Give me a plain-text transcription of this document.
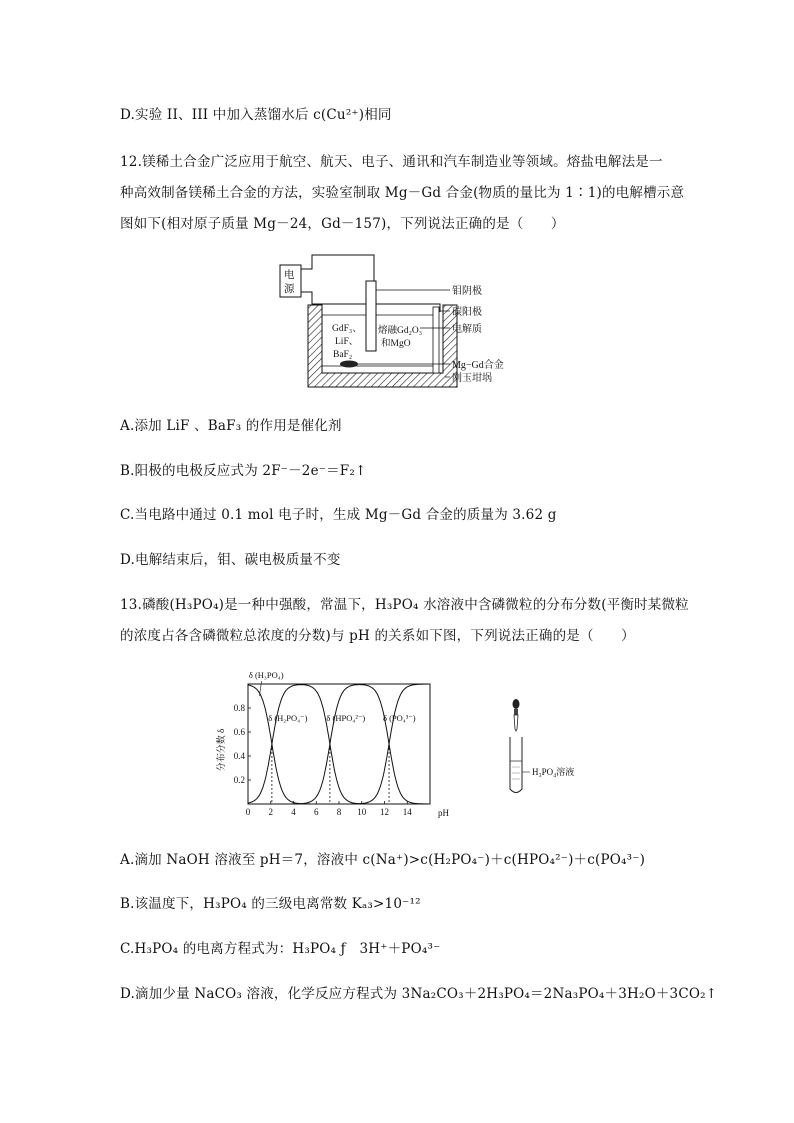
D.实验 II、III 中加入蒸馏水后 c(Cu²⁺)相同
12.镁稀土合金广泛应用于航空、航天、电子、通讯和汽车制造业等领域。熔盐电解法是一
种高效制备镁稀土合金的方法，实验室制取 Mg－Gd 合金(物质的量比为 1∶1)的电解槽示意
图如下(相对原子质量 Mg－24，Gd－157)，下列说法正确的是（　　）
电
源
GdF₃、
LiF、
BaF₂
熔融Gd₂O₃
和MgO
钼阴极
碳阳极
电解质
Mg−Gd合金
刚玉坩埚
A.添加 LiF 、BaF₃ 的作用是催化剂
B.阳极的电极反应式为 2F⁻－2e⁻＝F₂↑
C.当电路中通过 0.1 mol 电子时，生成 Mg－Gd 合金的质量为 3.62 g
D.电解结束后，钼、碳电极质量不变
13.磷酸(H₃PO₄)是一种中强酸，常温下，H₃PO₄ 水溶液中含磷微粒的分布分数(平衡时某微粒
的浓度占各含磷微粒总浓度的分数)与 pH 的关系如下图，下列说法正确的是（　　）
分布分数 δ
pH
0 2 4 6 8 10 12 14
0.2
0.4
0.6
0.8
δ (H₃PO₄)
δ (H₂PO₄⁻) δ (HPO₄²⁻) δ (PO₄³⁻)
H₃PO₄溶液
A.滴加 NaOH 溶液至 pH＝7，溶液中 c(Na⁺)>c(H₂PO₄⁻)＋c(HPO₄²⁻)＋c(PO₄³⁻)
B.该温度下，H₃PO₄ 的三级电离常数 Kₐ₃>10⁻¹²
C.H₃PO₄ 的电离方程式为：H₃PO₄ ƒ　3H⁺＋PO₄³⁻
D.滴加少量 NaCO₃ 溶液，化学反应方程式为 3Na₂CO₃＋2H₃PO₄＝2Na₃PO₄＋3H₂O＋3CO₂↑
